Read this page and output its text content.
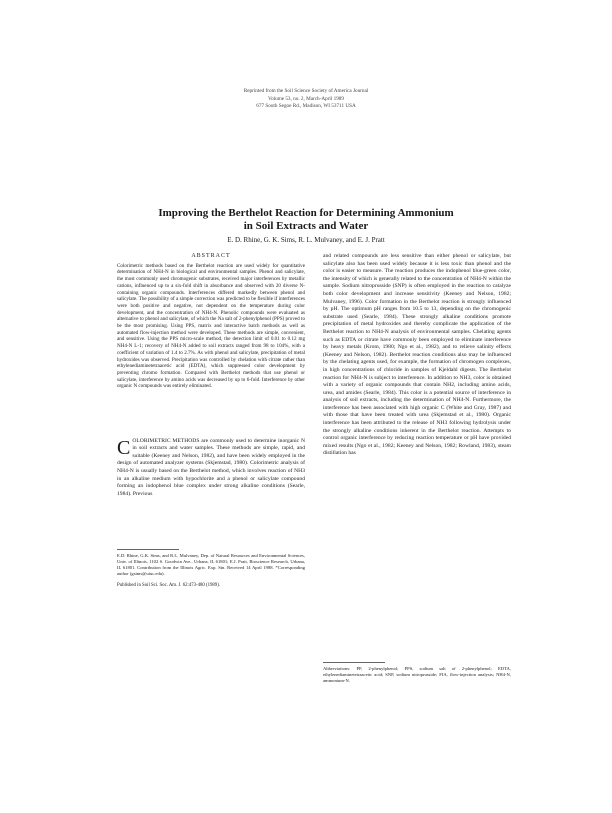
Reprinted from the Soil Science Society of America Journal
Volume 53, no. 2, March-April 1989
677 South Segoe Rd., Madison, WI 53711 USA
Improving the Berthelot Reaction for Determining Ammonium
in Soil Extracts and Water
E. D. Rhine, G. K. Sims, R. L. Mulvaney, and E. J. Pratt
ABSTRACT

Colorimetric methods based on the Berthelot reaction are used widely for quantitative determination of NH4-N in biological and environmental samples. Phenol and salicylate, the most commonly used chromogenic substrates, received major interferences by metallic cations, influenced up to a six-fold shift in absorbance and observed with 20 diverse N-containing organic compounds. Interferences differed markedly between phenol and salicylate. The possibility of a simple correction was predicted to be flexible if interferences were both positive and negative, not dependent on the temperature during color development, and the concentration of NH4-N. Phenolic compounds were evaluated as alternative to phenol and salicylate, of which the Na salt of 2-phenylphenol (PPS) proved to be the most promising. Using PPS, matrix and interactive batch methods as well as automated flow-injection method were developed. These methods are simple, convenient, and sensitive. Using the PPS micro-scale method, the detection limit of 0.01 to 0.12 mg NH4-N L-1; recovery of NH4-N added to soil extracts ranged from 98 to 104%, with a coefficient of variation of 1.4 to 2.7%. As with phenol and salicylate, precipitation of metal hydroxides was observed. Precipitation was controlled by chelation with citrate rather than ethylenediaminetetraacetic acid (EDTA), which suppressed color development by preventing chromo formation. Compared with Berthelot methods that use phenol or salicylate, interference by amino acids was decreased by up to 6-fold. Interference by other organic N compounds was entirely eliminated.

COLORIMETRIC METHODS are commonly used to determine inorganic N in soil extracts and water samples. These methods are simple, rapid, and suitable (Keeney and Nelson, 1982), and have been widely employed in the design of automated analyzer systems (Skjemstad, 1980). Colorimetric analysis of NH4-N is usually based on the Berthelot method, which involves reaction of NH3 in an alkaline medium with hypochlorite and a phenol or salicylate compound forming an indophenol blue complex under strong alkaline conditions (Searle, 1984). Previous

E.D. Rhine, G.K. Sims, and R.L. Mulvaney, Dep. of Natural Resources and Environmental Sciences, Univ. of Illinois, 1102 S. Goodwin Ave., Urbana, IL 61801; E.J. Pratt, Bioscience Research, Urbana, IL 61801. Contribution from the Illinois Agric. Exp. Stn. Received 14 April 1988. *Corresponding author (gsims@uiuc.edu).

Published in Soil Sci. Soc. Am. J. 62:473-480 (1989).

and related compounds are less sensitive than either phenol or salicylate, but salicylate also has been used widely because it is less toxic than phenol and the color is easier to measure. The reaction produces the indophenol blue-green color, the intensity of which is generally related to the concentration of NH4-N within the sample. Sodium nitroprusside (SNP) is often employed in the reaction to catalyze both color development and increase sensitivity (Keeney and Nelson, 1982; Mulvaney, 1996). Color formation in the Berthelot reaction is strongly influenced by pH. The optimum pH ranges from 10.5 to 13, depending on the chromogenic substrate used (Searle, 1984). These strongly alkaline conditions promote precipitation of metal hydroxides and thereby complicate the application of the Berthelot reaction to NH4-N analysis of environmental samples. Chelating agents such as EDTA or citrate have commonly been employed to eliminate interference by heavy metals (Krom, 1980; Ngo et al., 1982), and to relieve salinity effects (Keeney and Nelson, 1982). Berthelot reaction conditions also may be influenced by the chelating agents used, for example, the formation of chromogen complexes, in high concentrations of chloride in samples of Kjeldahl digests. The Berthelot reaction for NH4-N is subject to interference. In addition to NH3, color is obtained with a variety of organic compounds that contain NH2, including amino acids, urea, and amides (Searle, 1984). This color is a potential source of interference in analysis of soil extracts, including the determination of NH4-N. Furthermore, the interference has been associated with high organic C (White and Gray, 1987) and with those that have been treated with urea (Skjemstad et al., 1980). Organic interference has been attributed to the release of NH3 following hydrolysis under the strongly alkaline conditions inherent in the Berthelot reaction. Attempts to control organic interference by reducing reaction temperature or pH have provided mixed results (Ngo et al., 1982; Keeney and Nelson, 1982; Rowland, 1983), steam distillation has

Abbreviations: PP, 2-phenylphenol; PPS, sodium salt of 2-phenylphenol; EDTA, ethylenediaminetetraacetic acid; SNP, sodium nitroprusside; FIA, flow-injection analysis; NH4-N, ammonium-N.
